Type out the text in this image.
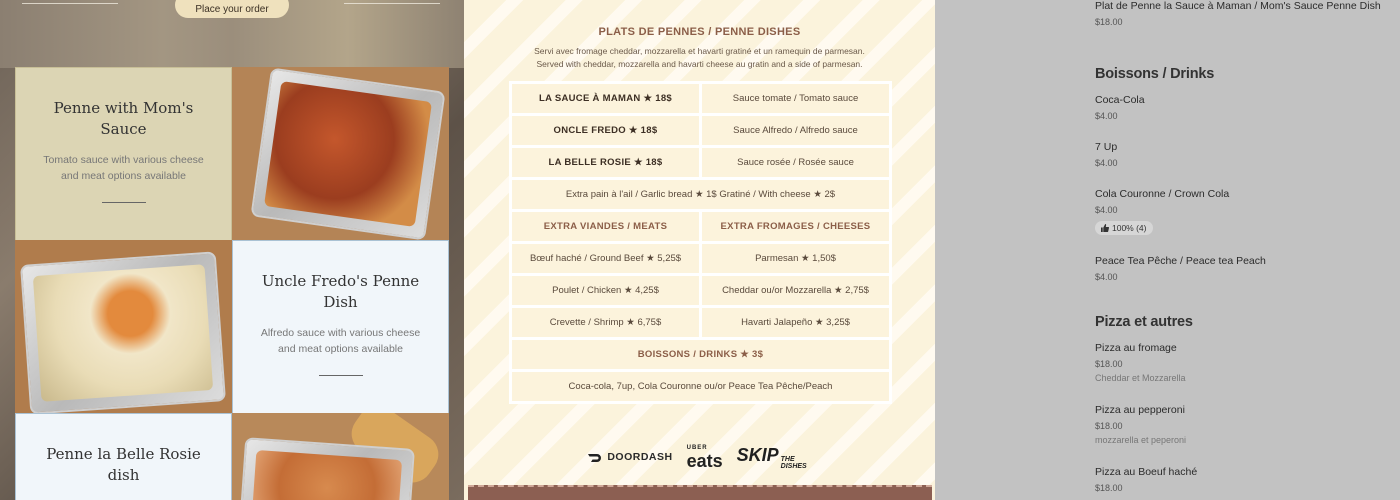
Place your order
Penne with Mom's Sauce

Tomato sauce with various cheese and meat options available

Uncle Fredo's Penne Dish

Alfredo sauce with various cheese and meat options available

Penne la Belle Rosie dish
PLATS DE PENNES / PENNE DISHES
Servi avec fromage cheddar, mozzarella et havarti gratiné et un ramequin de parmesan.
Served with cheddar, mozzarella and havarti cheese au gratin and a side of parmesan.
LA SAUCE À MAMAN ★ 18$	Sauce tomate / Tomato sauce
ONCLE FREDO ★ 18$	Sauce Alfredo / Alfredo sauce
LA BELLE ROSIE ★ 18$	Sauce rosée / Rosée sauce
Extra pain à l'ail / Garlic bread ★ 1$ Gratiné / With cheese ★ 2$	
EXTRA VIANDES / MEATS	EXTRA FROMAGES / CHEESES
Bœuf haché / Ground Beef ★ 5,25$	Parmesan ★ 1,50$
Poulet / Chicken ★ 4,25$	Cheddar ou/or Mozzarella ★ 2,75$
Crevette / Shrimp ★ 6,75$	Havarti Jalapeño ★ 3,25$
BOISSONS / DRINKS ★ 3$	
Coca-cola, 7up, Cola Couronne ou/or Peace Tea Pêche/Peach	
DOORDASH
UBER
eats SKIP THE DISHES
Plat de Penne la Sauce à Maman / Mom's Sauce Penne Dish
$18.00
Boissons / Drinks
Coca-Cola
$4.00
7 Up
$4.00
Cola Couronne / Crown Cola
$4.00
100% (4)
Peace Tea Pêche / Peace tea Peach
$4.00
Pizza et autres
Pizza au fromage
$18.00
Cheddar et Mozzarella
Pizza au pepperoni
$18.00
mozzarella et peperoni
Pizza au Boeuf haché
$18.00
